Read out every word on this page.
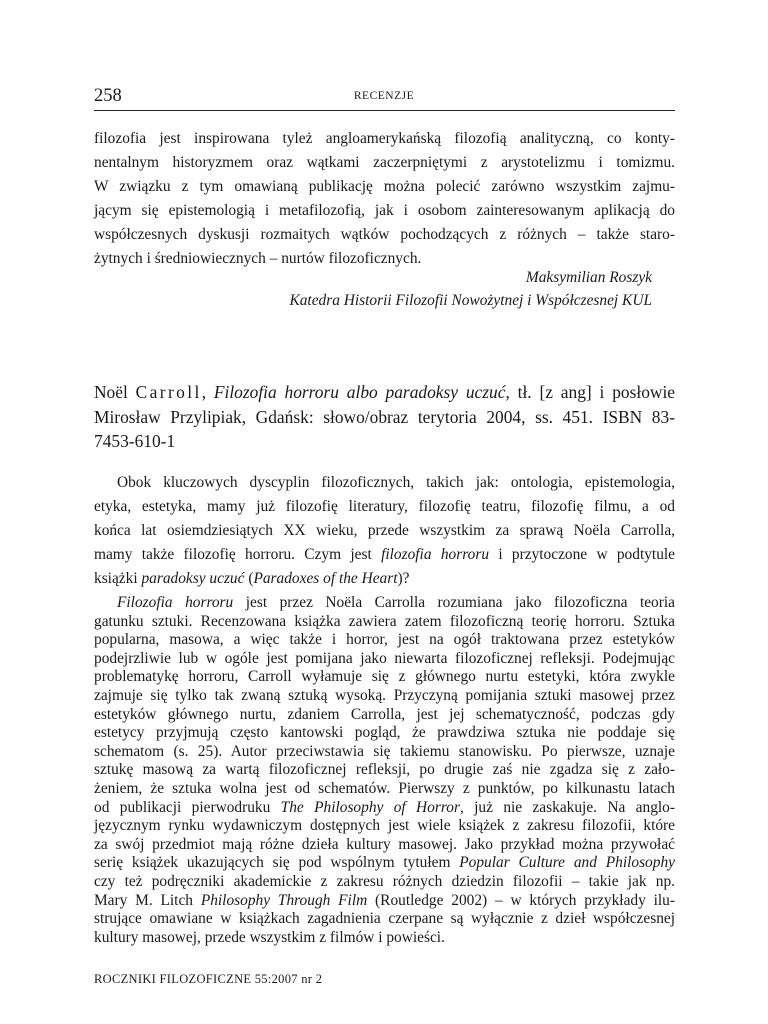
258	RECENZJE
filozofia jest inspirowana tyleż angloamerykańską filozofią analityczną, co konty-
nentalnym historyzmem oraz wątkami zaczerpniętymi z arystotelizmu i tomizmu.
W związku z tym omawianą publikację można polecić zarówno wszystkim zajmu-
jącym się epistemologią i metafilozofią, jak i osobom zainteresowanym aplikacją do
współczesnych dyskusji rozmaitych wątków pochodzących z różnych – także staro-
żytnych i średniowiecznych – nurtów filozoficznych.
Maksymilian Roszyk
Katedra Historii Filozofii Nowożytnej i Współczesnej KUL
Noël Carroll, Filozofia horroru albo paradoksy uczuć, tł. [z ang] i posłowie
Mirosław Przylipiak, Gdańsk: słowo/obraz terytoria 2004, ss. 451. ISBN 83-
7453-610-1
Obok kluczowych dyscyplin filozoficznych, takich jak: ontologia, epistemologia,
etyka, estetyka, mamy już filozofię literatury, filozofię teatru, filozofię filmu, a od
końca lat osiemdziesiątych XX wieku, przede wszystkim za sprawą Noëla Carrolla,
mamy także filozofię horroru. Czym jest filozofia horroru i przytoczone w podtytule
książki paradoksy uczuć (Paradoxes of the Heart)?
Filozofia horroru jest przez Noëla Carrolla rozumiana jako filozoficzna teoria
gatunku sztuki. Recenzowana książka zawiera zatem filozoficzną teorię horroru. Sztuka
popularna, masowa, a więc także i horror, jest na ogół traktowana przez estetyków
podejrzliwie lub w ogóle jest pomijana jako niewarta filozoficznej refleksji. Podejmując
problematykę horroru, Carroll wyłamuje się z głównego nurtu estetyki, która zwykle
zajmuje się tylko tak zwaną sztuką wysoką. Przyczyną pomijania sztuki masowej przez
estetyków głównego nurtu, zdaniem Carrolla, jest jej schematyczność, podczas gdy
estetycy przyjmują często kantowski pogląd, że prawdziwa sztuka nie poddaje się
schematom (s. 25). Autor przeciwstawia się takiemu stanowisku. Po pierwsze, uznaje
sztukę masową za wartą filozoficznej refleksji, po drugie zaś nie zgadza się z zało-
żeniem, że sztuka wolna jest od schematów. Pierwszy z punktów, po kilkunastu latach
od publikacji pierwodruku The Philosophy of Horror, już nie zaskakuje. Na anglo-
języcznym rynku wydawniczym dostępnych jest wiele książek z zakresu filozofii, które
za swój przedmiot mają różne dzieła kultury masowej. Jako przykład można przywołać
serię książek ukazujących się pod wspólnym tytułem Popular Culture and Philosophy
czy też podręczniki akademickie z zakresu różnych dziedzin filozofii – takie jak np.
Mary M. Litch Philosophy Through Film (Routledge 2002) – w których przykłady ilu-
strujące omawiane w książkach zagadnienia czerpane są wyłącznie z dzieł współczesnej
kultury masowej, przede wszystkim z filmów i powieści.
ROCZNIKI FILOZOFICZNE 55:2007 nr 2
